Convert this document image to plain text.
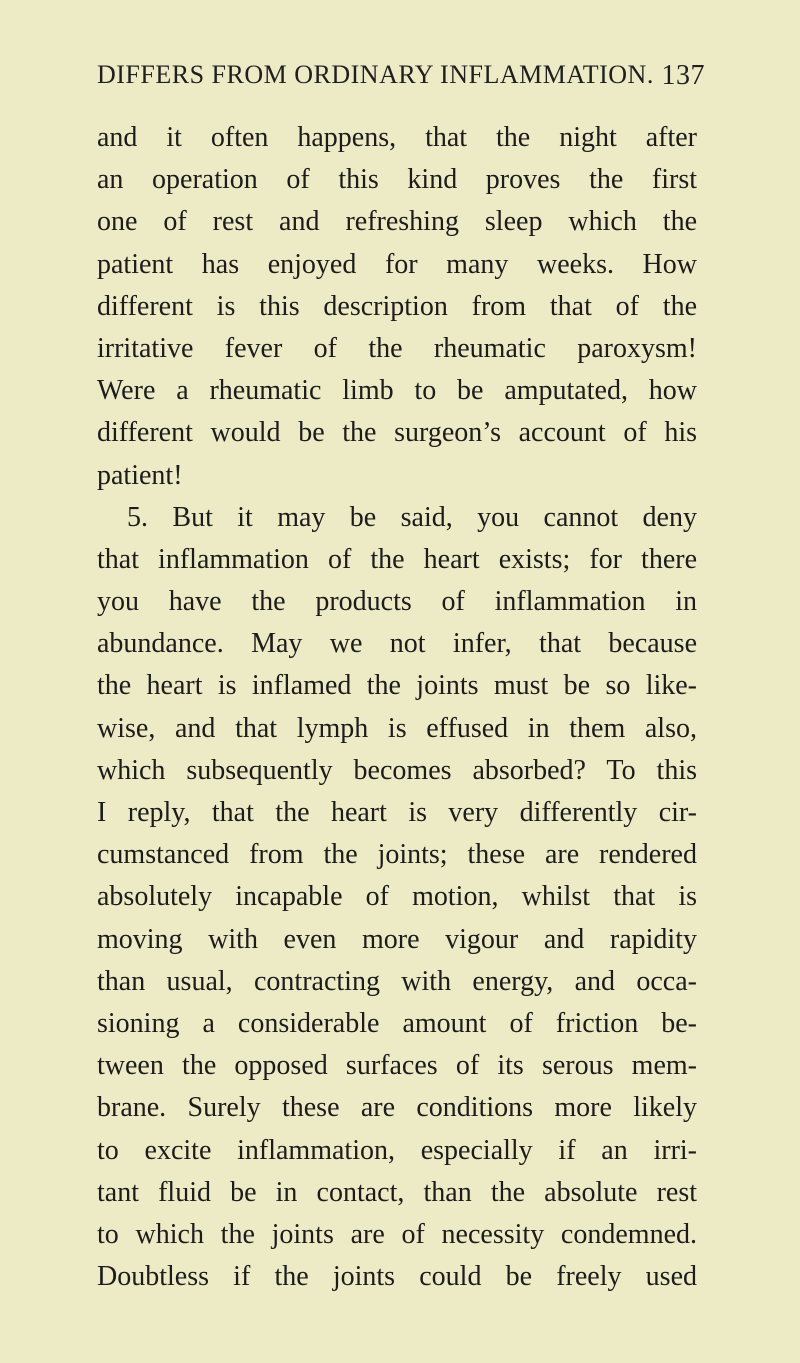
DIFFERS FROM ORDINARY INFLAMMATION. 137
and it often happens, that the night after
an operation of this kind proves the first
one of rest and refreshing sleep which the
patient has enjoyed for many weeks. How
different is this description from that of the
irritative fever of the rheumatic paroxysm!
Were a rheumatic limb to be amputated, how
different would be the surgeon’s account of his
patient!
5. But it may be said, you cannot deny
that inflammation of the heart exists; for there
you have the products of inflammation in
abundance. May we not infer, that because
the heart is inflamed the joints must be so like-
wise, and that lymph is effused in them also,
which subsequently becomes absorbed? To this
I reply, that the heart is very differently cir-
cumstanced from the joints; these are rendered
absolutely incapable of motion, whilst that is
moving with even more vigour and rapidity
than usual, contracting with energy, and occa-
sioning a considerable amount of friction be-
tween the opposed surfaces of its serous mem-
brane. Surely these are conditions more likely
to excite inflammation, especially if an irri-
tant fluid be in contact, than the absolute rest
to which the joints are of necessity condemned.
Doubtless if the joints could be freely used
